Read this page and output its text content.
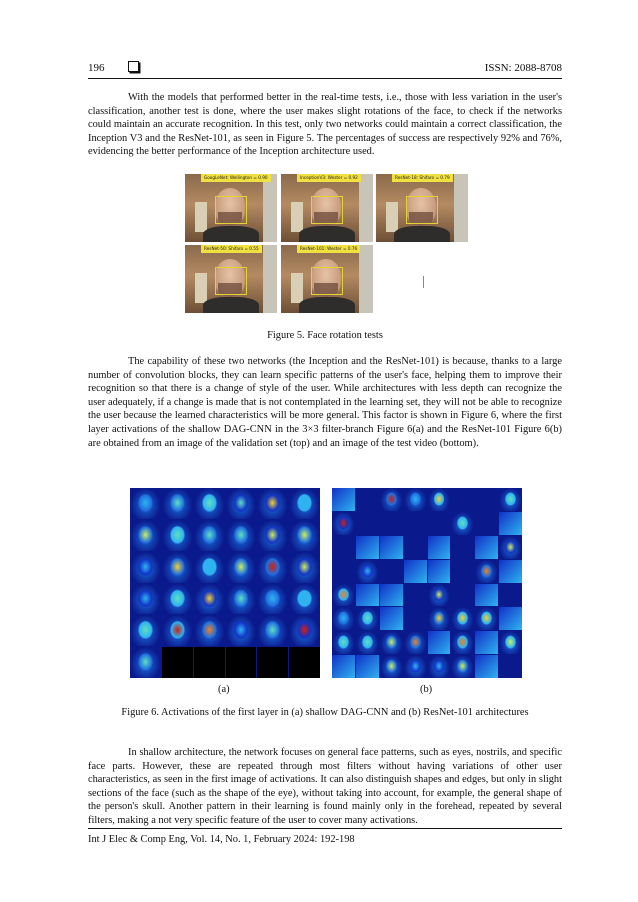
196	ISSN: 2088-8708

With the models that performed better in the real-time tests, i.e., those with less variation in the user's classification, another test is done, where the user makes slight rotations of the face, to check if the networks could maintain an accurate recognition. In this test, only two networks could maintain a correct classification, the Inception V3 and the ResNet-101, as seen in Figure 5. The percentages of success are respectively 92% and 76%, evidencing the better performance of the Inception architecture used.

GoogLeNet: Wellington = 0.90	InceptionV3: Wester = 0.92	ResNet-18: Shifaro = 0.79
ResNet-50: Shifaro = 0.55	ResNet-101: Wester = 0.76
Figure 5. Face rotation tests

The capability of these two networks (the Inception and the ResNet-101) is because, thanks to a large number of convolution blocks, they can learn specific patterns of the user's face, helping them to improve their recognition so that there is a change of style of the user. While architectures with less depth can recognize the user adequately, if a change is made that is not contemplated in the learning set, they will not be able to recognize the user because the learned characteristics will be more general. This factor is shown in Figure 6, where the first layer activations of the shallow DAG-CNN in the 3×3 filter-branch Figure 6(a) and the ResNet-101 Figure 6(b) are obtained from an image of the validation set (top) and an image of the test video (bottom).

(a)	(b)
Figure 6. Activations of the first layer in (a) shallow DAG-CNN and (b) ResNet-101 architectures

In shallow architecture, the network focuses on general face patterns, such as eyes, nostrils, and specific face parts. However, these are repeated through most filters without having variations of other user characteristics, as seen in the first image of activations. It can also distinguish shapes and edges, but only in slight sections of the face (such as the shape of the eye), without taking into account, for example, the general shape of the person's skull. Another pattern in their learning is found mainly only in the forehead, repeated by several filters, making a not very specific feature of the user to cover many activations.

Int J Elec & Comp Eng, Vol. 14, No. 1, February 2024: 192-198
